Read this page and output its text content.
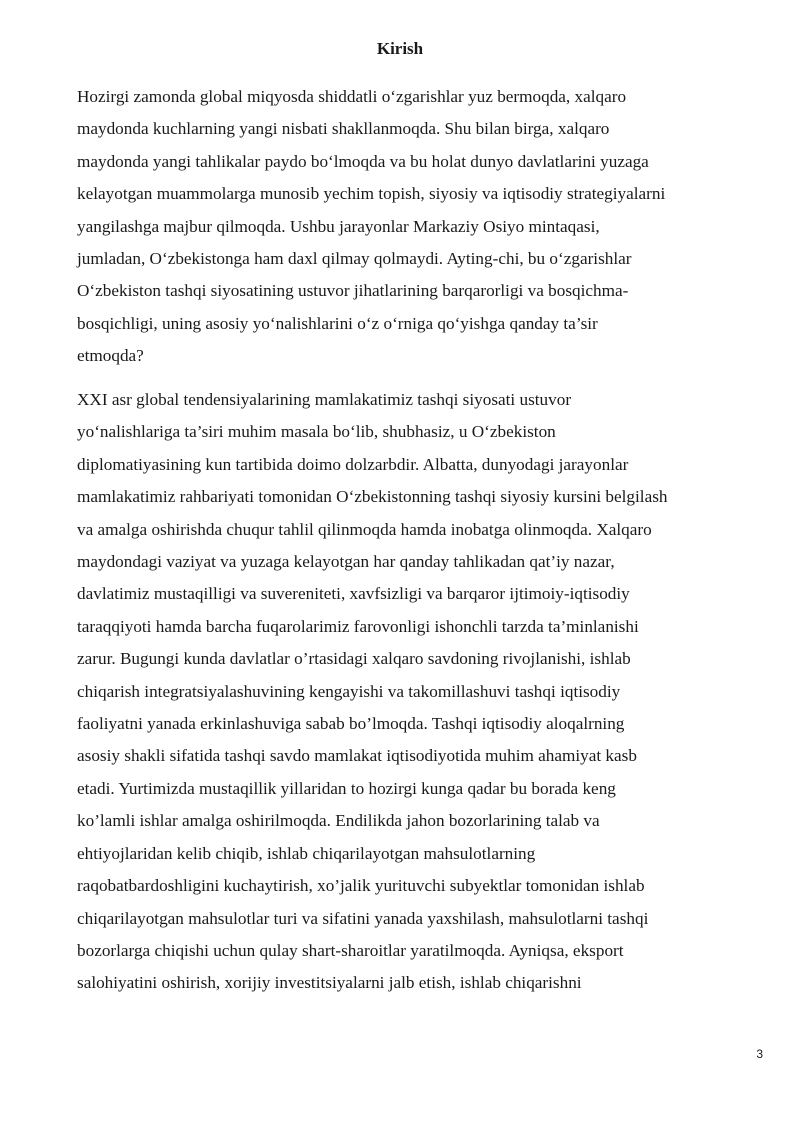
Kirish

Hozirgi zamonda global miqyosda shiddatli o‘zgarishlar yuz bermoqda, xalqaro
maydonda kuchlarning yangi nisbati shakllanmoqda. Shu bilan birga, xalqaro
maydonda yangi tahlikalar paydo bo‘lmoqda va bu holat dunyo davlatlarini yuzaga
kelayotgan muammolarga munosib yechim topish, siyosiy va iqtisodiy strategiyalarni
yangilashga majbur qilmoqda. Ushbu jarayonlar Markaziy Osiyo mintaqasi,
jumladan, O‘zbekistonga ham daxl qilmay qolmaydi. Ayting-chi, bu o‘zgarishlar
O‘zbekiston tashqi siyosatining ustuvor jihatlarining barqarorligi va bosqichma-
bosqichligi, uning asosiy yo‘nalishlarini o‘z o‘rniga qo‘yishga qanday ta’sir
etmoqda?

XXI asr global tendensiyalarining mamlakatimiz tashqi siyosati ustuvor
yo‘nalishlariga ta’siri muhim masala bo‘lib, shubhasiz, u O‘zbekiston
diplomatiyasining kun tartibida doimo dolzarbdir. Albatta, dunyodagi jarayonlar
mamlakatimiz rahbariyati tomonidan O‘zbekistonning tashqi siyosiy kursini belgilash
va amalga oshirishda chuqur tahlil qilinmoqda hamda inobatga olinmoqda. Xalqaro
maydondagi vaziyat va yuzaga kelayotgan har qanday tahlikadan qat’iy nazar,
davlatimiz mustaqilligi va suvereniteti, xavfsizligi va barqaror ijtimoiy-iqtisodiy
taraqqiyoti hamda barcha fuqarolarimiz farovonligi ishonchli tarzda ta’minlanishi
zarur. Bugungi kunda davlatlar o’rtasidagi xalqaro savdoning rivojlanishi, ishlab
chiqarish integratsiyalashuvining kengayishi va takomillashuvi tashqi iqtisodiy
faoliyatni yanada erkinlashuviga sabab bo’lmoqda. Tashqi iqtisodiy aloqalrning
asosiy shakli sifatida tashqi savdo mamlakat iqtisodiyotida muhim ahamiyat kasb
etadi. Yurtimizda mustaqillik yillaridan to hozirgi kunga qadar bu borada keng
ko’lamli ishlar amalga oshirilmoqda. Endilikda jahon bozorlarining talab va
ehtiyojlaridan kelib chiqib, ishlab chiqarilayotgan mahsulotlarning
raqobatbardoshligini kuchaytirish, xo’jalik yurituvchi subyektlar tomonidan ishlab
chiqarilayotgan mahsulotlar turi va sifatini yanada yaxshilash, mahsulotlarni tashqi
bozorlarga chiqishi uchun qulay shart-sharoitlar yaratilmoqda. Ayniqsa, eksport
salohiyatini oshirish, xorijiy investitsiyalarni jalb etish, ishlab chiqarishni

3
